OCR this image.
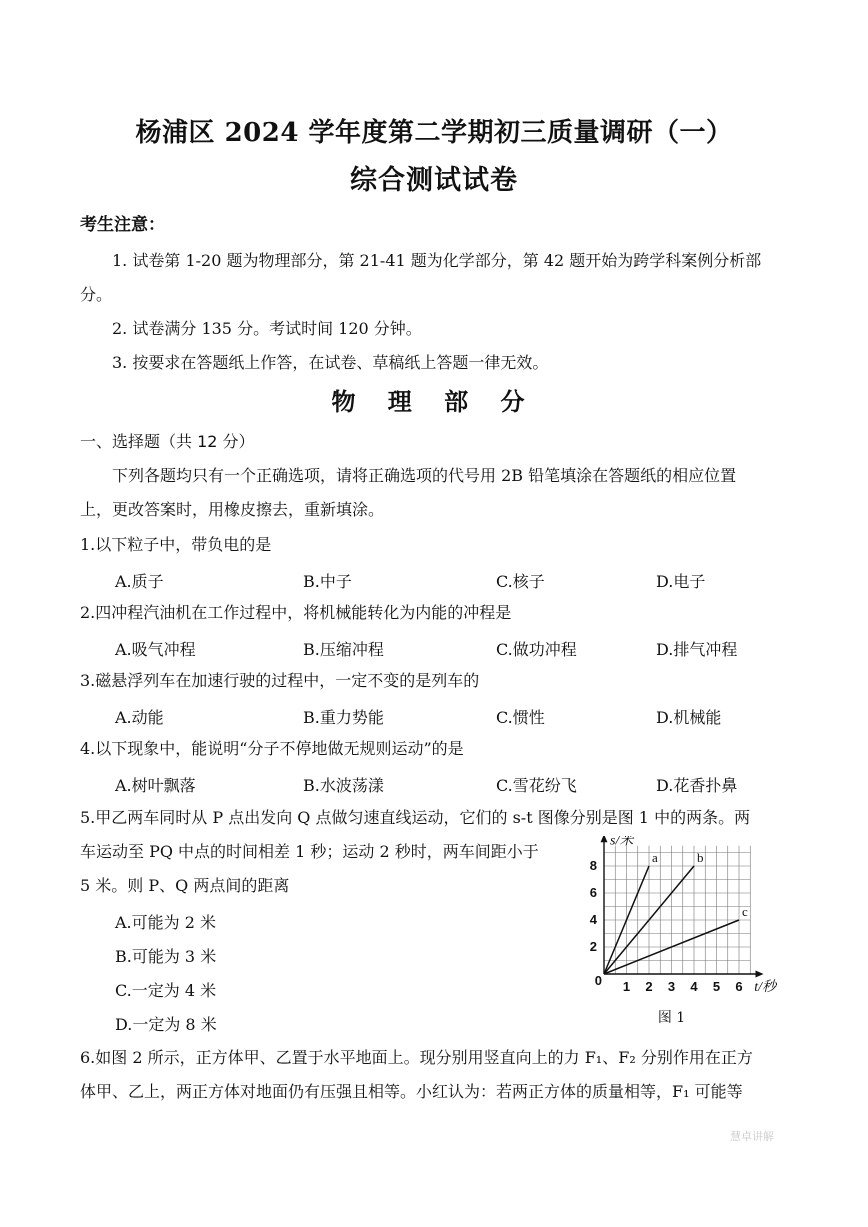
杨浦区 2024 学年度第二学期初三质量调研（一）
综合测试试卷
考生注意：
1. 试卷第 1-20 题为物理部分，第 21-41 题为化学部分，第 42 题开始为跨学科案例分析部
分。
2. 试卷满分 135 分。考试时间 120 分钟。
3. 按要求在答题纸上作答，在试卷、草稿纸上答题一律无效。
物 理 部 分
一、选择题（共 12 分）
下列各题均只有一个正确选项，请将正确选项的代号用 2B 铅笔填涂在答题纸的相应位置
上，更改答案时，用橡皮擦去，重新填涂。
1.以下粒子中，带负电的是
A.质子	B.中子	C.核子	D.电子
2.四冲程汽油机在工作过程中，将机械能转化为内能的冲程是
A.吸气冲程	B.压缩冲程	C.做功冲程	D.排气冲程
3.磁悬浮列车在加速行驶的过程中，一定不变的是列车的
A.动能	B.重力势能	C.惯性	D.机械能
4.以下现象中，能说明“分子不停地做无规则运动”的是
A.树叶飘落	B.水波荡漾	C.雪花纷飞	D.花香扑鼻
5.甲乙两车同时从 P 点出发向 Q 点做匀速直线运动，它们的 s-t 图像分别是图 1 中的两条。两
车运动至 PQ 中点的时间相差 1 秒；运动 2 秒时，两车间距小于
5 米。则 P、Q 两点间的距离
A.可能为 2 米
B.可能为 3 米
C.一定为 4 米
D.一定为 8 米
a	b
c
2
4
6
8
1 2 3 4 5 6
0
s/米
t/秒
图 1
6.如图 2 所示，正方体甲、乙置于水平地面上。现分别用竖直向上的力 F₁、F₂ 分别作用在正方
体甲、乙上，两正方体对地面仍有压强且相等。小红认为：若两正方体的质量相等，F₁ 可能等
慧卓讲解
